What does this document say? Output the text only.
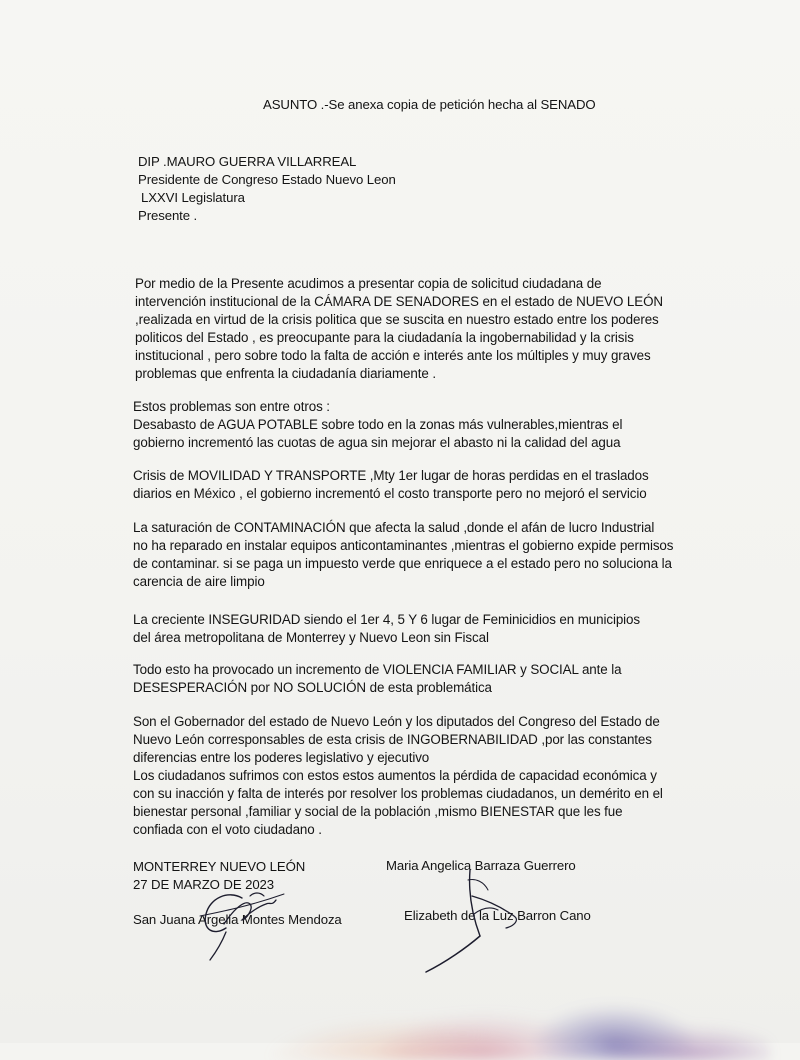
ASUNTO .-Se anexa copia de petición hecha al SENADO
DIP .MAURO GUERRA VILLARREAL
Presidente de Congreso Estado Nuevo Leon
LXXVI Legislatura
Presente .
Por medio de la Presente acudimos a presentar copia de solicitud ciudadana de
intervención institucional de la CÁMARA DE SENADORES en el estado de NUEVO LEÓN
,realizada en virtud de la crisis politica que se suscita en nuestro estado entre los poderes
politicos del Estado , es preocupante para la ciudadanía la ingobernabilidad y la crisis
institucional , pero sobre todo la falta de acción e interés ante los múltiples y muy graves
problemas que enfrenta la ciudadanía diariamente .
Estos problemas son entre otros :
Desabasto de AGUA POTABLE sobre todo en la zonas más vulnerables,mientras el
gobierno incrementó las cuotas de agua sin mejorar el abasto ni la calidad del agua
Crisis de MOVILIDAD Y TRANSPORTE ,Mty 1er lugar de horas perdidas en el traslados
diarios en México , el gobierno incrementó el costo transporte pero no mejoró el servicio
La saturación de CONTAMINACIÓN que afecta la salud ,donde el afán de lucro Industrial
no ha reparado en instalar equipos anticontaminantes ,mientras el gobierno expide permisos
de contaminar. si se paga un impuesto verde que enriquece a el estado pero no soluciona la
carencia de aire limpio
La creciente INSEGURIDAD siendo el 1er 4, 5 Y 6 lugar de Feminicidios en municipios
del área metropolitana de Monterrey y Nuevo Leon sin Fiscal
Todo esto ha provocado un incremento de VIOLENCIA FAMILIAR y SOCIAL ante la
DESESPERACIÓN por NO SOLUCIÓN de esta problemática
Son el Gobernador del estado de Nuevo León y los diputados del Congreso del Estado de
Nuevo León corresponsables de esta crisis de INGOBERNABILIDAD ,por las constantes
diferencias entre los poderes legislativo y ejecutivo
Los ciudadanos sufrimos con estos estos aumentos la pérdida de capacidad económica y
con su inacción y falta de interés por resolver los problemas ciudadanos, un demérito en el
bienestar personal ,familiar y social de la población ,mismo BIENESTAR que les fue
confiada con el voto ciudadano .
MONTERREY NUEVO LEÓN
27 DE MARZO DE 2023
San Juana Argelia Montes Mendoza
Maria Angelica Barraza Guerrero
Elizabeth de la Luz Barron Cano
